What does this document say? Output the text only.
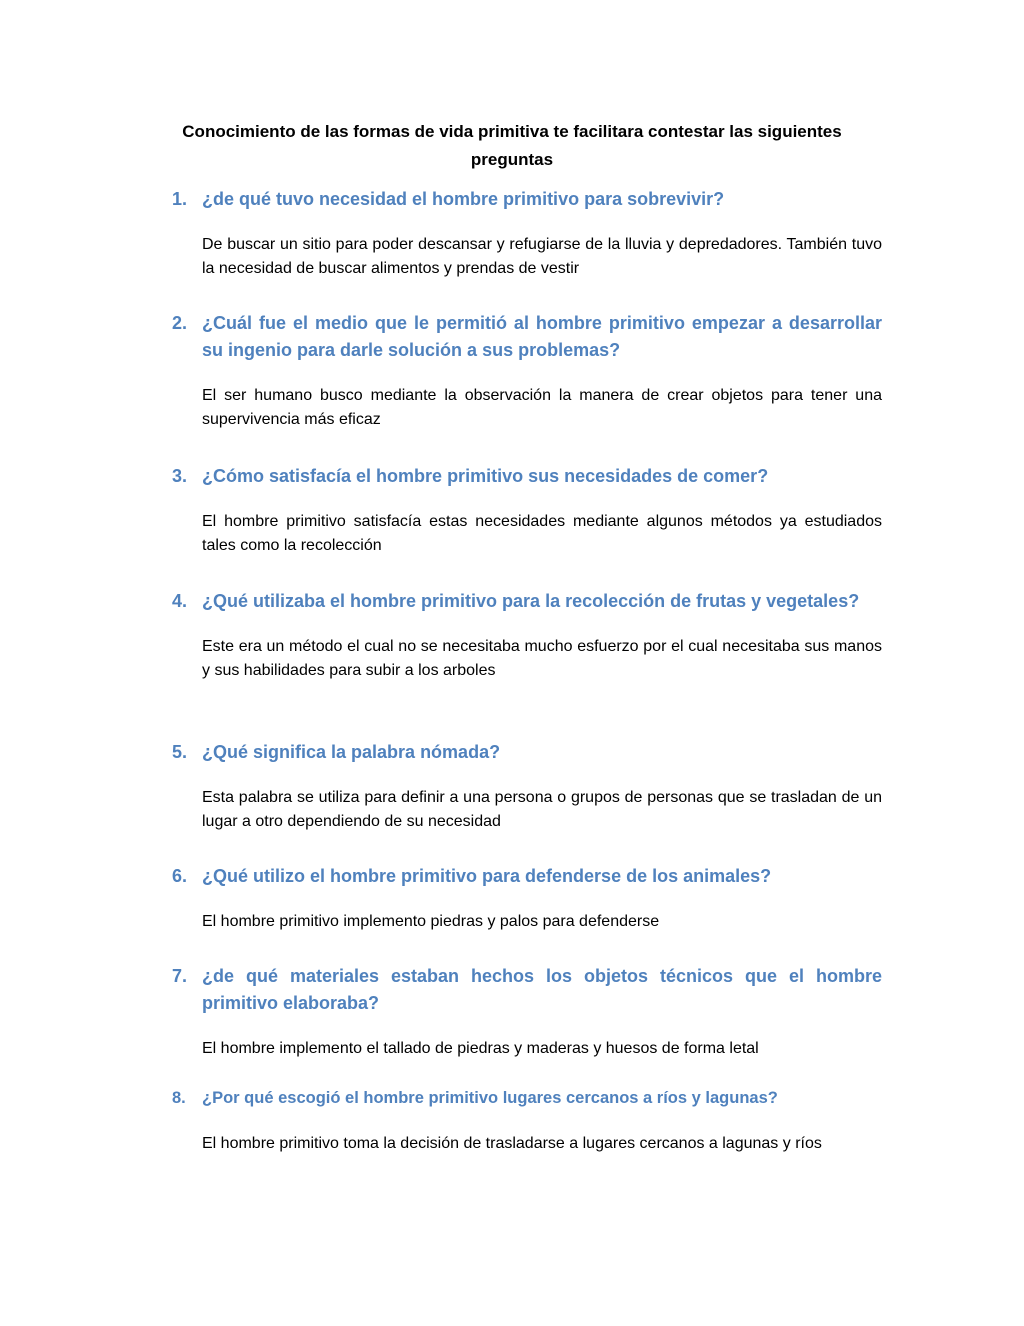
Conocimiento de las formas de vida primitiva te facilitara contestar las siguientes preguntas

1. ¿de qué tuvo necesidad el hombre primitivo para sobrevivir?

De buscar un sitio para poder descansar y refugiarse de la lluvia y depredadores. También tuvo la necesidad de buscar alimentos y prendas de vestir

2. ¿Cuál fue el medio que le permitió al hombre primitivo empezar a desarrollar su ingenio para darle solución a sus problemas?

El ser humano busco mediante la observación la manera de crear objetos para tener una supervivencia más eficaz

3. ¿Cómo satisfacía el hombre primitivo sus necesidades de comer?

El hombre primitivo satisfacía estas necesidades mediante algunos métodos ya estudiados tales como la recolección

4. ¿Qué utilizaba el hombre primitivo para la recolección de frutas y vegetales?

Este era un método el cual no se necesitaba mucho esfuerzo por el cual necesitaba sus manos y sus habilidades para subir a los arboles

5. ¿Qué significa la palabra nómada?

Esta palabra se utiliza para definir a una persona o grupos de personas que se trasladan de un lugar a otro dependiendo de su necesidad

6. ¿Qué utilizo el hombre primitivo para defenderse de los animales?

El hombre primitivo implemento piedras y palos para defenderse

7. ¿de qué materiales estaban hechos los objetos técnicos que el hombre primitivo elaboraba?

El hombre implemento el tallado de piedras y maderas y huesos de forma letal

8. ¿Por qué escogió el hombre primitivo lugares cercanos a ríos y lagunas?

El hombre primitivo toma la decisión de trasladarse a lugares cercanos a lagunas y ríos
